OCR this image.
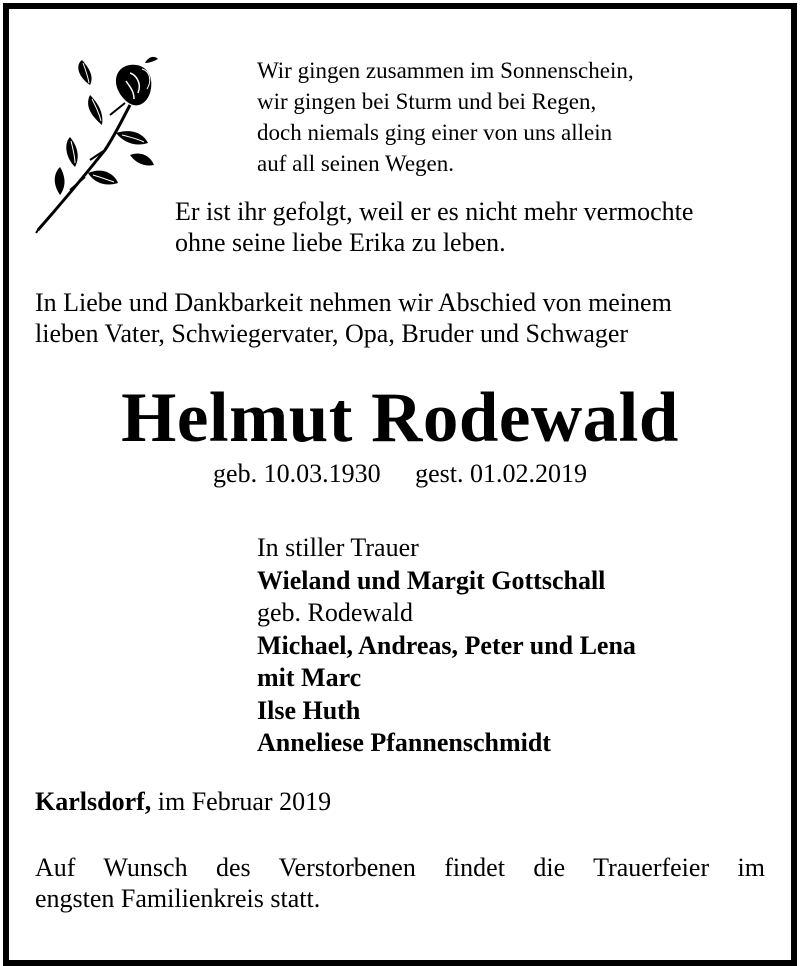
Wir gingen zusammen im Sonnenschein,
wir gingen bei Sturm und bei Regen,
doch niemals ging einer von uns allein
auf all seinen Wegen.
Er ist ihr gefolgt, weil er es nicht mehr vermochte
ohne seine liebe Erika zu leben.
In Liebe und Dankbarkeit nehmen wir Abschied von meinem
lieben Vater, Schwiegervater, Opa, Bruder und Schwager
Helmut Rodewald
geb. 10.03.1930 gest. 01.02.2019
In stiller Trauer
Wieland und Margit Gottschall
geb. Rodewald
Michael, Andreas, Peter und Lena
mit Marc
Ilse Huth
Anneliese Pfannenschmidt
Karlsdorf, im Februar 2019
Auf Wunsch des Verstorbenen findet die Trauerfeier im
engsten Familienkreis statt.
